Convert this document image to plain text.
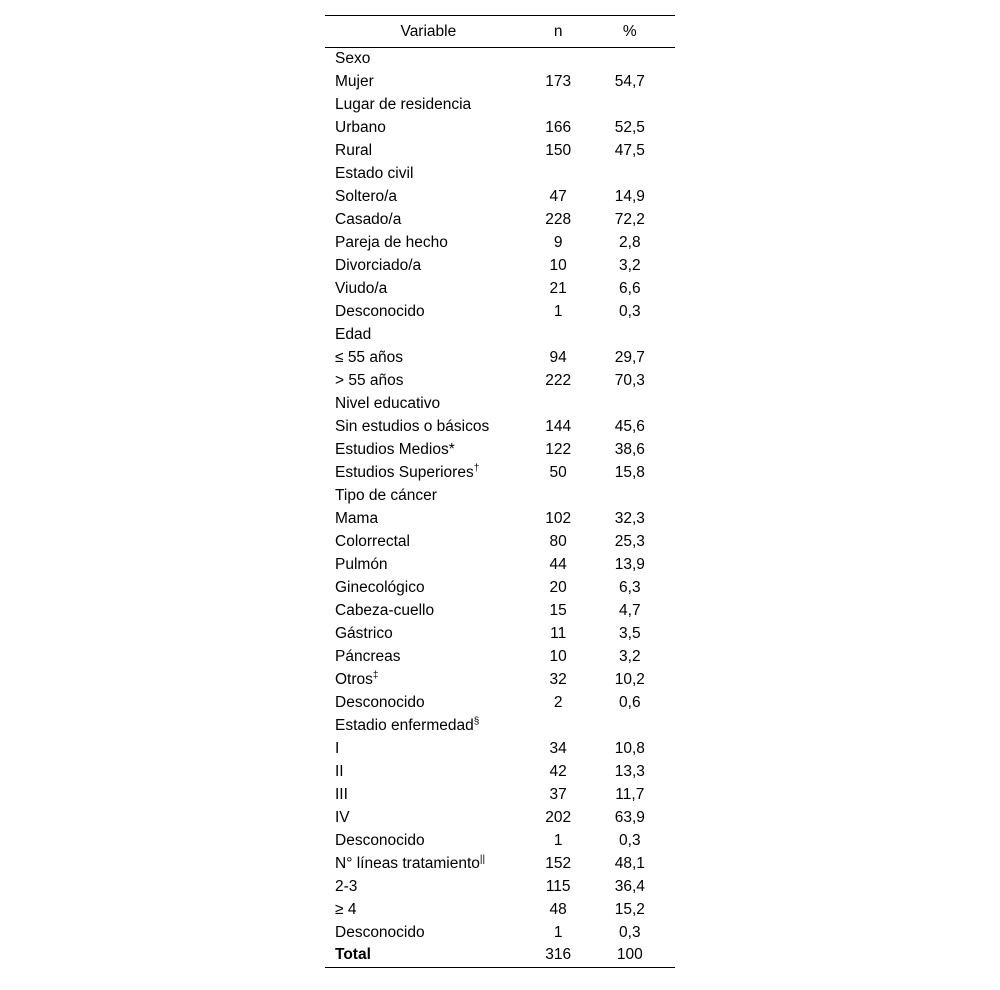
Variable	n	%
Sexo		
Mujer	173	54,7
Lugar de residencia		
Urbano	166	52,5
Rural	150	47,5
Estado civil		
Soltero/a	47	14,9
Casado/a	228	72,2
Pareja de hecho	9	2,8
Divorciado/a	10	3,2
Viudo/a	21	6,6
Desconocido	1	0,3
Edad		
≤ 55 años	94	29,7
> 55 años	222	70,3
Nivel educativo		
Sin estudios o básicos	144	45,6
Estudios Medios*	122	38,6
Estudios Superiores†	50	15,8
Tipo de cáncer		
Mama	102	32,3
Colorrectal	80	25,3
Pulmón	44	13,9
Ginecológico	20	6,3
Cabeza-cuello	15	4,7
Gástrico	11	3,5
Páncreas	10	3,2
Otros‡	32	10,2
Desconocido	2	0,6
Estadio enfermedad§		
I	34	10,8
II	42	13,3
III	37	11,7
IV	202	63,9
Desconocido	1	0,3
N° líneas tratamiento||	152	48,1
2-3	115	36,4
≥ 4	48	15,2
Desconocido	1	0,3
Total	316	100
